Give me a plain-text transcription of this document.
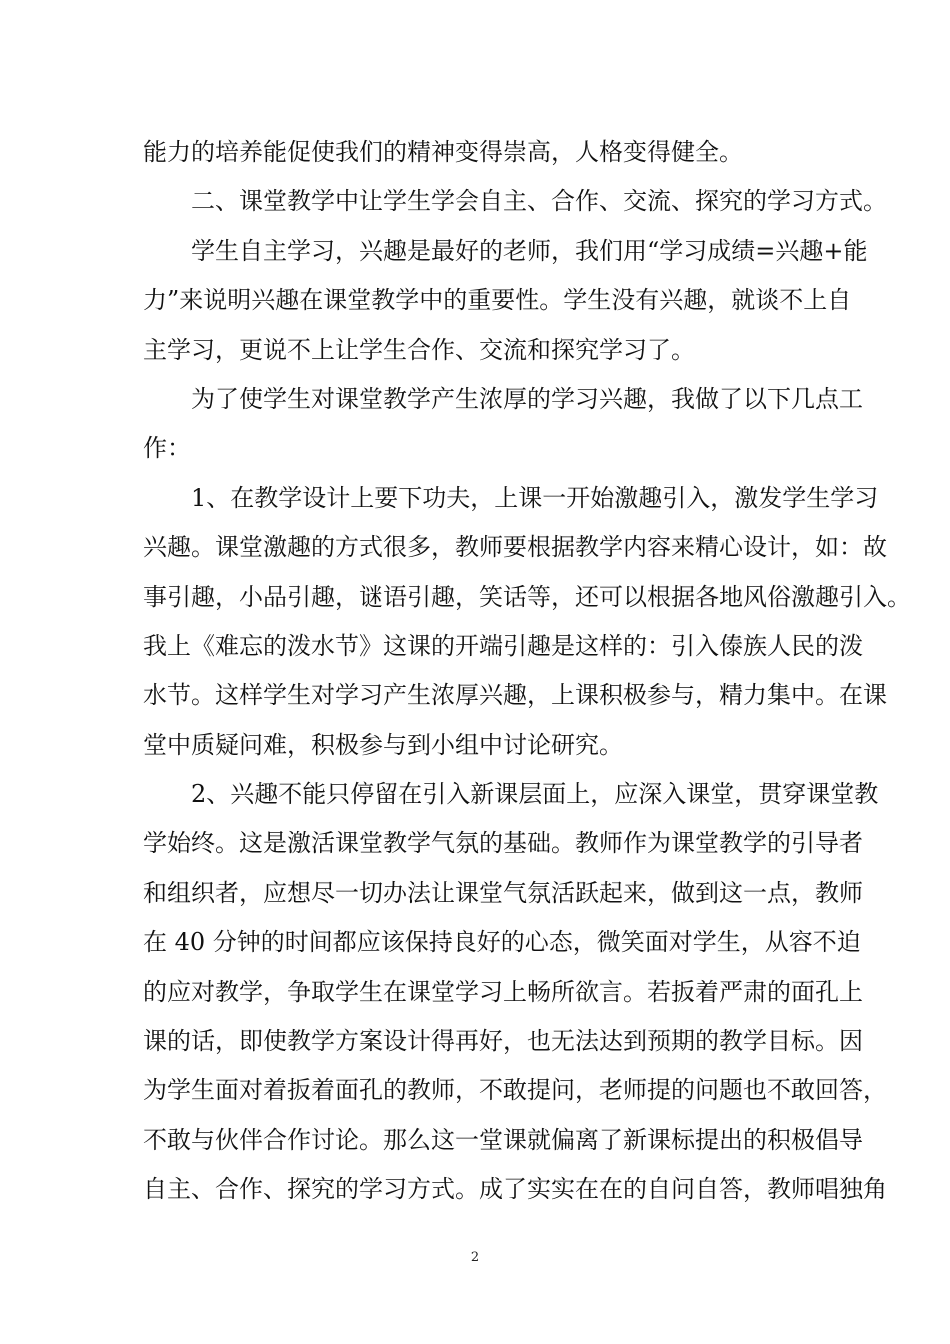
能力的培养能促使我们的精神变得崇高，人格变得健全。
二、课堂教学中让学生学会自主、合作、交流、探究的学习方式。
学生自主学习，兴趣是最好的老师，我们用“学习成绩=兴趣+能
力”来说明兴趣在课堂教学中的重要性。学生没有兴趣，就谈不上自
主学习，更说不上让学生合作、交流和探究学习了。
为了使学生对课堂教学产生浓厚的学习兴趣，我做了以下几点工
作：
1、在教学设计上要下功夫，上课一开始激趣引入，激发学生学习
兴趣。课堂激趣的方式很多，教师要根据教学内容来精心设计，如：故
事引趣，小品引趣，谜语引趣，笑话等，还可以根据各地风俗激趣引入。
我上《难忘的泼水节》这课的开端引趣是这样的：引入傣族人民的泼
水节。这样学生对学习产生浓厚兴趣，上课积极参与，精力集中。在课
堂中质疑问难，积极参与到小组中讨论研究。
2、兴趣不能只停留在引入新课层面上，应深入课堂，贯穿课堂教
学始终。这是激活课堂教学气氛的基础。教师作为课堂教学的引导者
和组织者，应想尽一切办法让课堂气氛活跃起来，做到这一点，教师
在 40 分钟的时间都应该保持良好的心态，微笑面对学生，从容不迫
的应对教学，争取学生在课堂学习上畅所欲言。若扳着严肃的面孔上
课的话，即使教学方案设计得再好，也无法达到预期的教学目标。因
为学生面对着扳着面孔的教师，不敢提问，老师提的问题也不敢回答，
不敢与伙伴合作讨论。那么这一堂课就偏离了新课标提出的积极倡导
自主、合作、探究的学习方式。成了实实在在的自问自答，教师唱独角
2
